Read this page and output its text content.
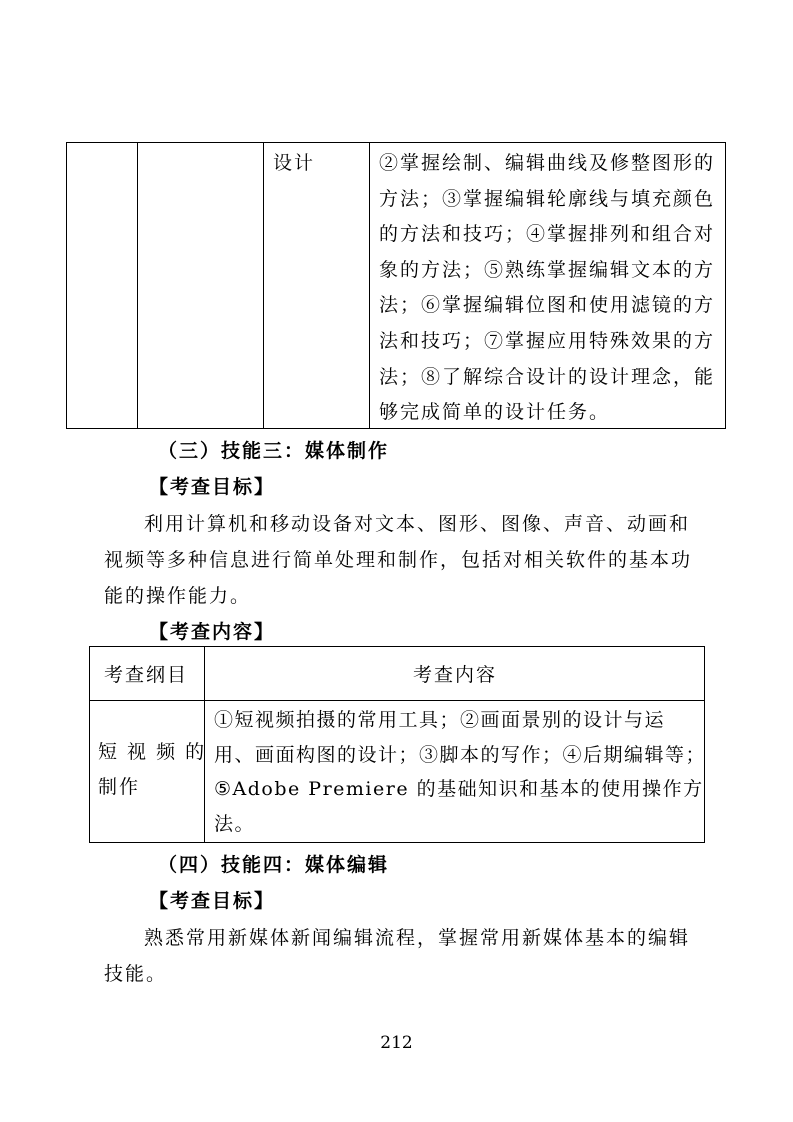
设计	②掌握绘制、编辑曲线及修整图形的
方法；③掌握编辑轮廓线与填充颜色
的方法和技巧；④掌握排列和组合对
象的方法；⑤熟练掌握编辑文本的方
法；⑥掌握编辑位图和使用滤镜的方
法和技巧；⑦掌握应用特殊效果的方
法；⑧了解综合设计的设计理念，能
够完成简单的设计任务。
（三）技能三：媒体制作
【考查目标】
利用计算机和移动设备对文本、图形、图像、声音、动画和
视频等多种信息进行简单处理和制作，包括对相关软件的基本功
能的操作能力。
【考查内容】
考查纲目	考查内容
短 视 频 的
制作
①短视频拍摄的常用工具；②画面景别的设计与运
用、画面构图的设计；③脚本的写作；④后期编辑等；
⑤Adobe Premiere 的基础知识和基本的使用操作方
法。
（四）技能四：媒体编辑
【考查目标】
熟悉常用新媒体新闻编辑流程，掌握常用新媒体基本的编辑
技能。
212
